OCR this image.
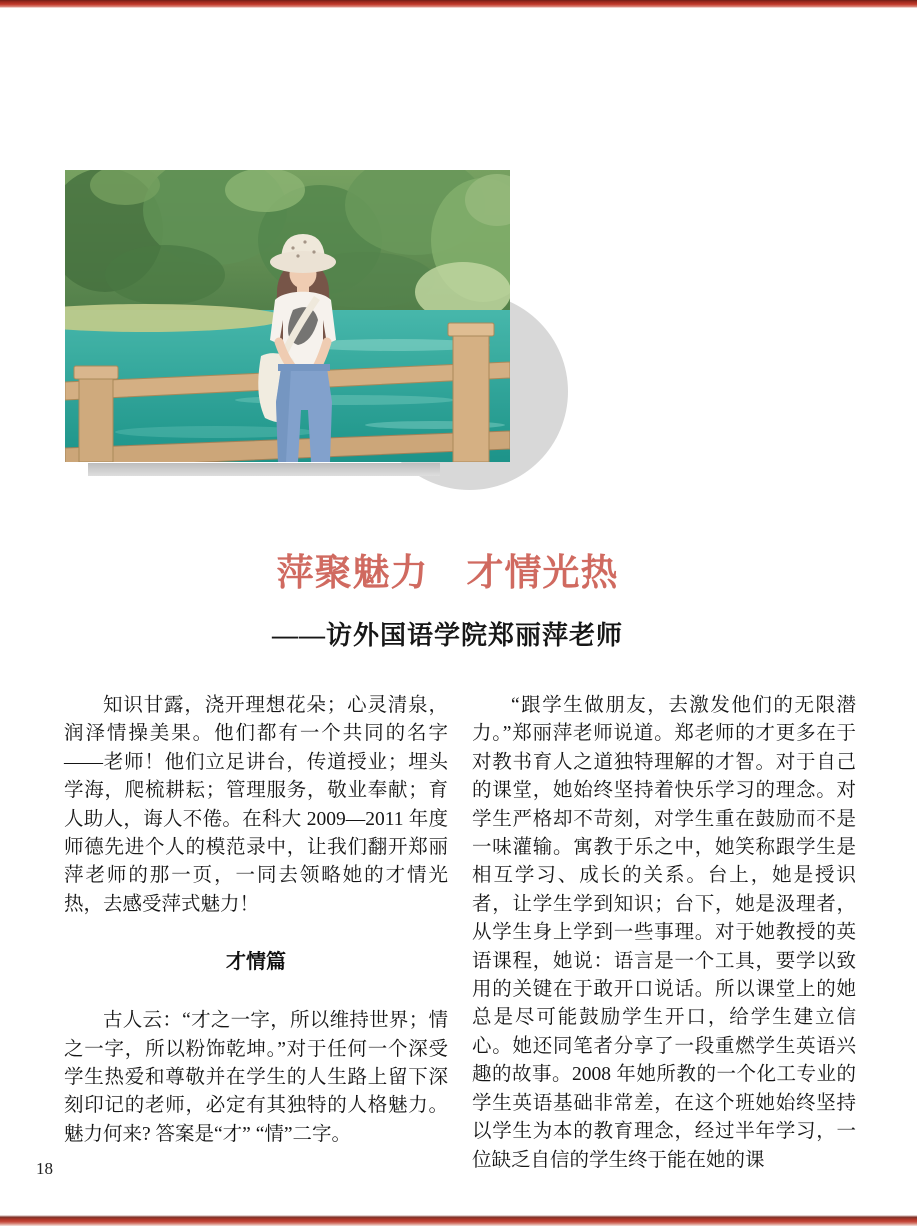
萍聚魅力　才情光热
——访外国语学院郑丽萍老师

知识甘露，浇开理想花朵；心灵清泉，润泽情操美果。他们都有一个共同的名字——老师！他们立足讲台，传道授业；埋头学海，爬梳耕耘；管理服务，敬业奉献；育人助人，诲人不倦。在科大 2009—2011 年度师德先进个人的模范录中，让我们翻开郑丽萍老师的那一页，一同去领略她的才情光热，去感受萍式魅力！

才情篇

古人云：“才之一字，所以维持世界；情之一字，所以粉饰乾坤。”对于任何一个深受学生热爱和尊敬并在学生的人生路上留下深刻印记的老师，必定有其独特的人格魅力。魅力何来? 答案是“才” “情”二字。

“跟学生做朋友，去激发他们的无限潜力。”郑丽萍老师说道。郑老师的才更多在于对教书育人之道独特理解的才智。对于自己的课堂，她始终坚持着快乐学习的理念。对学生严格却不苛刻，对学生重在鼓励而不是一味灌输。寓教于乐之中，她笑称跟学生是相互学习、成长的关系。台上，她是授识者，让学生学到知识；台下，她是汲理者，从学生身上学到一些事理。对于她教授的英语课程，她说：语言是一个工具，要学以致用的关键在于敢开口说话。所以课堂上的她总是尽可能鼓励学生开口，给学生建立信心。她还同笔者分享了一段重燃学生英语兴趣的故事。2008 年她所教的一个化工专业的学生英语基础非常差，在这个班她始终坚持以学生为本的教育理念，经过半年学习，一位缺乏自信的学生终于能在她的课

18
